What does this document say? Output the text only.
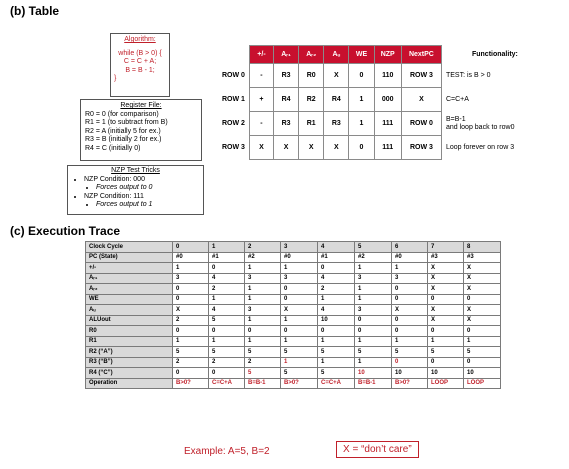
(b) Table
Algorithm:
while (B > 0) {
C = C + A;
B = B - 1;
}
Register File:
R0 = 0 (for comparison)
R1 = 1 (to subtract from B)
R2 = A (initially 5 for ex.)
R3 = B (initially 2 for ex.)
R4 = C (initially 0)
NZP Test Tricks
• NZP Condition: 000
• Forces output to 0
• NZP Condition: 111
• Forces output to 1
	+/-	Aᵣ₁	Aᵣ₂	Aᵤ	WE	NZP	NextPC	Functionality:
ROW 0	-	R3	R0	X	0	110	ROW 3	TEST: is B > 0
ROW 1	+	R4	R2	R4	1	000	X	C=C+A
ROW 2	-	R3	R1	R3	1	111	ROW 0	B=B-1
and loop back to row0
ROW 3	X	X	X	X	0	111	ROW 3	Loop forever on row 3
(c) Execution Trace
Clock Cycle	0	1	2	3	4	5	6	7	8
PC (State)	#0	#1	#2	#0	#1	#2	#0	#3	#3
+/-	1	0	1	1	0	1	1	X	X
Aᵣ₁	3	4	3	3	4	3	3	X	X
Aᵣ₂	0	2	1	0	2	1	0	X	X
WE	0	1	1	0	1	1	0	0	0
Aᵤ	X	4	3	X	4	3	X	X	X
ALUout	2	5	1	1	10	0	0	X	X
R0	0	0	0	0	0	0	0	0	0
R1	1	1	1	1	1	1	1	1	1
R2 (“A”)	5	5	5	5	5	5	5	5	5
R3 (“B”)	2	2	2	1	1	1	0	0	0
R4 (“C”)	0	0	5	5	5	10	10	10	10
Operation	B>0?	C=C+A	B=B-1	B>0?	C=C+A	B=B-1	B>0?	LOOP	LOOP
Example: A=5, B=2	X = “don’t care”
